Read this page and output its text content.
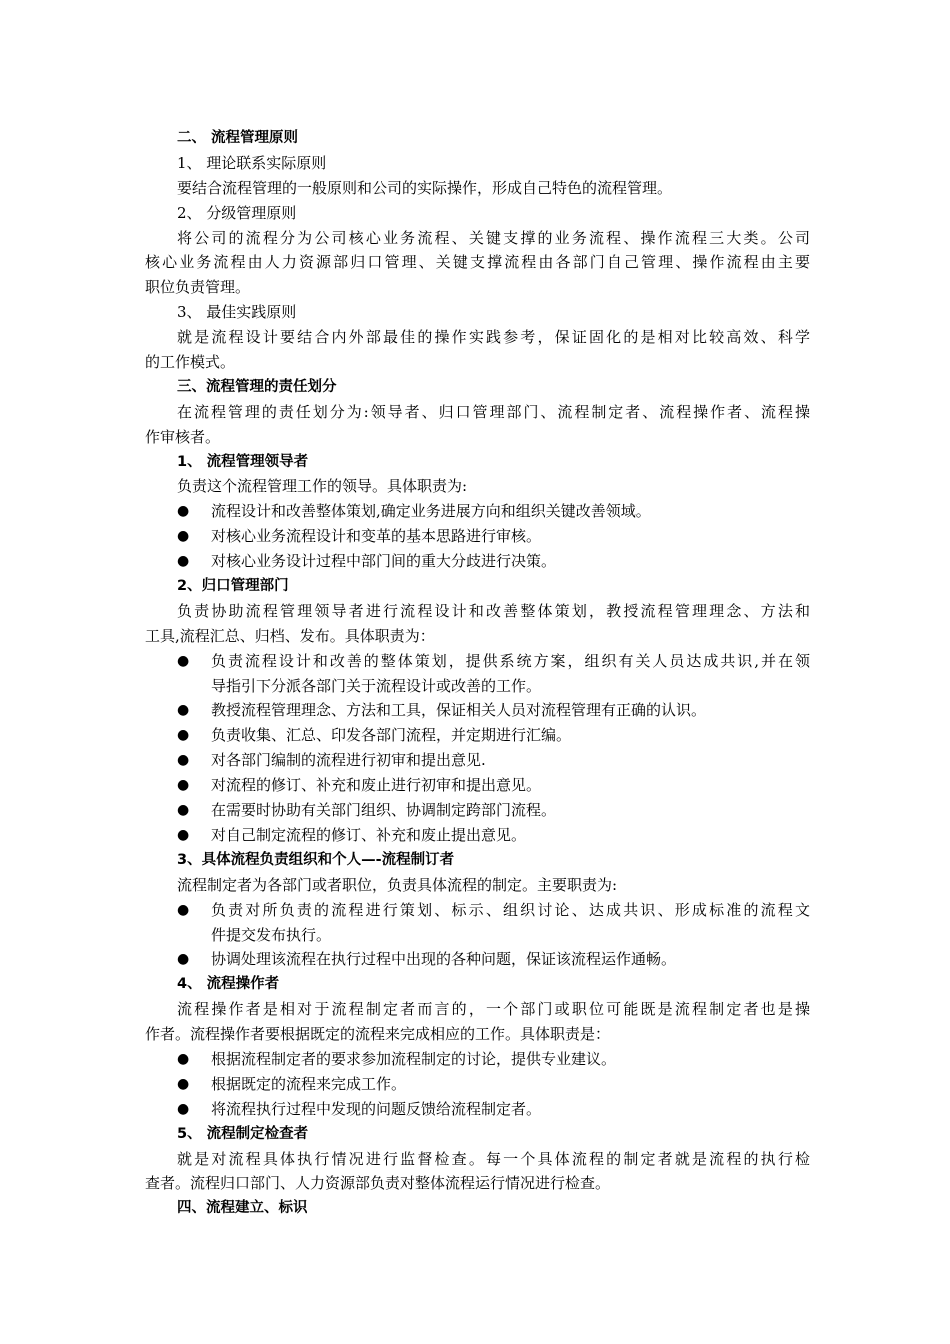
二、 流程管理原则
1、 理论联系实际原则
要结合流程管理的一般原则和公司的实际操作，形成自己特色的流程管理。
2、 分级管理原则
将公司的流程分为公司核心业务流程、关键支撑的业务流程、操作流程三大类。公司
核心业务流程由人力资源部归口管理、关键支撑流程由各部门自己管理、操作流程由主要
职位负责管理。
3、 最佳实践原则
就是流程设计要结合内外部最佳的操作实践参考，保证固化的是相对比较高效、科学
的工作模式。
三、流程管理的责任划分
在流程管理的责任划分为:领导者、归口管理部门、流程制定者、流程操作者、流程操
作审核者。
1、 流程管理领导者
负责这个流程管理工作的领导。具体职责为:
●	流程设计和改善整体策划,确定业务进展方向和组织关键改善领域。
●	对核心业务流程设计和变革的基本思路进行审核。
●	对核心业务设计过程中部门间的重大分歧进行决策。
2、归口管理部门
负责协助流程管理领导者进行流程设计和改善整体策划，教授流程管理理念、方法和
工具,流程汇总、归档、发布。具体职责为：
●	负责流程设计和改善的整体策划，提供系统方案，组织有关人员达成共识,并在领
导指引下分派各部门关于流程设计或改善的工作。
●	教授流程管理理念、方法和工具，保证相关人员对流程管理有正确的认识。
●	负责收集、汇总、印发各部门流程，并定期进行汇编。
●	对各部门编制的流程进行初审和提出意见.
●	对流程的修订、补充和废止进行初审和提出意见。
●	在需要时协助有关部门组织、协调制定跨部门流程。
●	对自己制定流程的修订、补充和废止提出意见。
3、具体流程负责组织和个人—-流程制订者
流程制定者为各部门或者职位，负责具体流程的制定。主要职责为:
●	负责对所负责的流程进行策划、标示、组织讨论、达成共识、形成标准的流程文
件提交发布执行。
●	协调处理该流程在执行过程中出现的各种问题，保证该流程运作通畅。
4、 流程操作者
流程操作者是相对于流程制定者而言的，一个部门或职位可能既是流程制定者也是操
作者。流程操作者要根据既定的流程来完成相应的工作。具体职责是：
●	根据流程制定者的要求参加流程制定的讨论，提供专业建议。
●	根据既定的流程来完成工作。
●	将流程执行过程中发现的问题反馈给流程制定者。
5、 流程制定检查者
就是对流程具体执行情况进行监督检查。每一个具体流程的制定者就是流程的执行检
查者。流程归口部门、人力资源部负责对整体流程运行情况进行检查。
四、流程建立、标识
